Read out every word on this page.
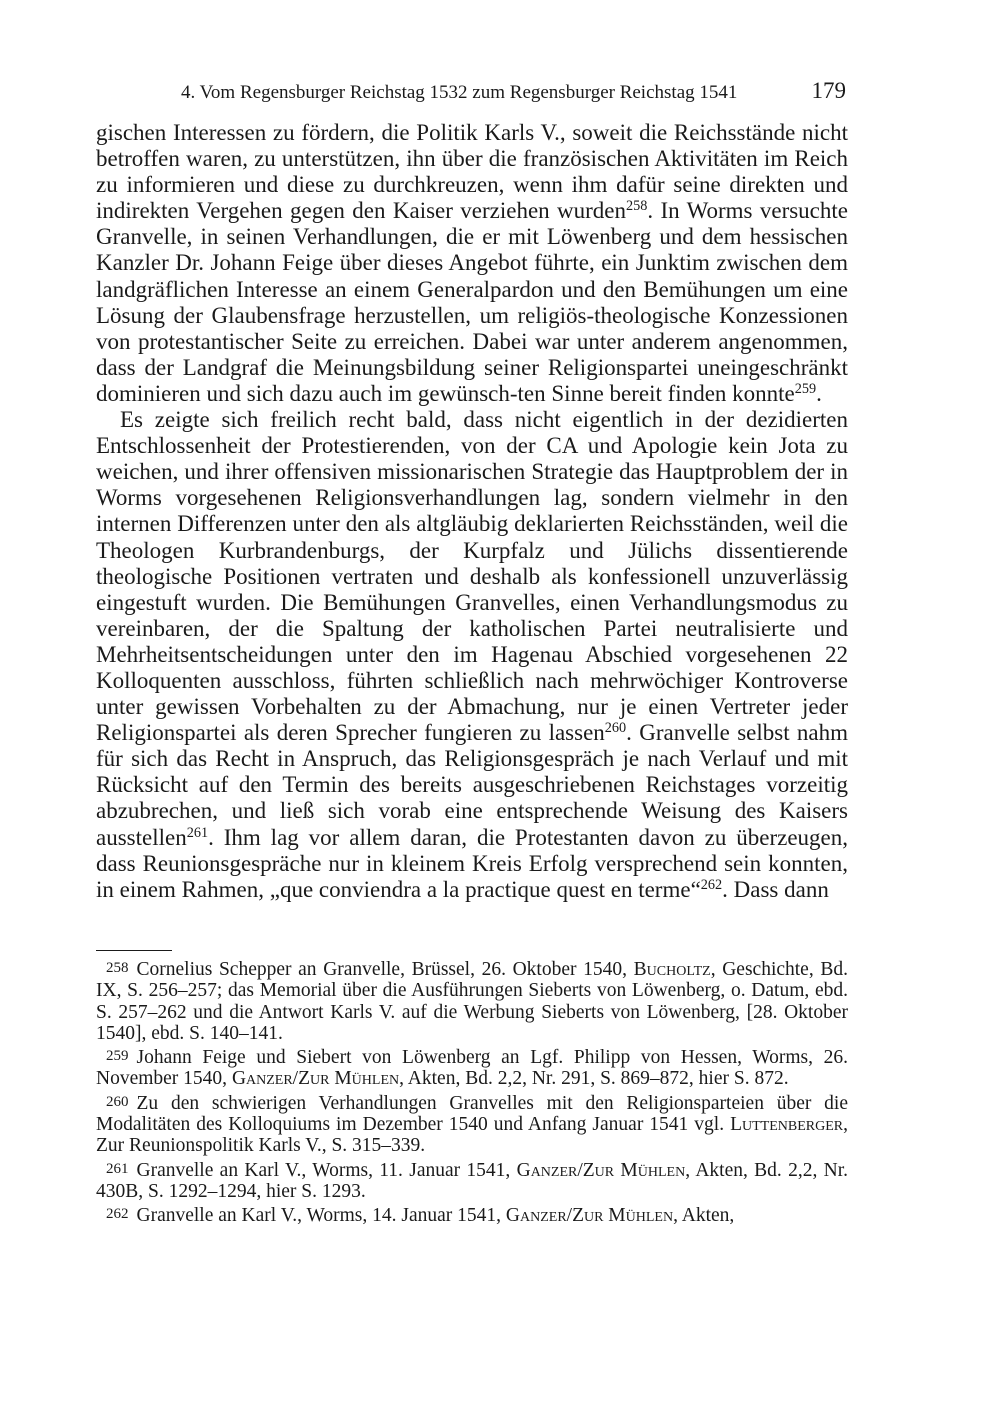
4. Vom Regensburger Reichstag 1532 zum Regensburger Reichstag 1541	179

gischen Interessen zu fördern, die Politik Karls V., soweit die Reichsstände nicht betroffen waren, zu unterstützen, ihn über die französischen Aktivitäten im Reich zu informieren und diese zu durchkreuzen, wenn ihm dafür seine direkten und indirekten Vergehen gegen den Kaiser verziehen wurden$^{258}$. In Worms versuchte Granvelle, in seinen Verhandlungen, die er mit Löwenberg und dem hessischen Kanzler Dr. Johann Feige über dieses Angebot führte, ein Junktim zwischen dem landgräflichen Interesse an einem Generalpardon und den Bemühungen um eine Lösung der Glaubensfrage herzustellen, um religiös-theologische Konzessionen von protestantischer Seite zu erreichen. Dabei war unter anderem angenommen, dass der Landgraf die Meinungsbildung seiner Religionspartei uneingeschränkt dominieren und sich dazu auch im gewünsch-ten Sinne bereit finden konnte$^{259}$.

Es zeigte sich freilich recht bald, dass nicht eigentlich in der dezidierten Entschlossenheit der Protestierenden, von der CA und Apologie kein Jota zu weichen, und ihrer offensiven missionarischen Strategie das Hauptproblem der in Worms vorgesehenen Religionsverhandlungen lag, sondern vielmehr in den internen Differenzen unter den als altgläubig deklarierten Reichsständen, weil die Theologen Kurbrandenburgs, der Kurpfalz und Jülichs dissentierende theologische Positionen vertraten und deshalb als konfessionell unzuverlässig eingestuft wurden. Die Bemühungen Granvelles, einen Verhandlungsmodus zu vereinbaren, der die Spaltung der katholischen Partei neutralisierte und Mehrheitsentscheidungen unter den im Hagenau Abschied vorgesehenen 22 Kolloquenten ausschloss, führten schließlich nach mehrwöchiger Kontroverse unter gewissen Vorbehalten zu der Abmachung, nur je einen Vertreter jeder Religionspartei als deren Sprecher fungieren zu lassen$^{260}$. Granvelle selbst nahm für sich das Recht in Anspruch, das Religionsgespräch je nach Verlauf und mit Rücksicht auf den Termin des bereits ausgeschriebenen Reichstages vorzeitig abzubrechen, und ließ sich vorab eine entsprechende Weisung des Kaisers ausstellen$^{261}$. Ihm lag vor allem daran, die Protestanten davon zu überzeugen, dass Reunionsgespräche nur in kleinem Kreis Erfolg versprechend sein konnten, in einem Rahmen, „que conviendra a la practique quest en terme“$^{262}$. Dass dann

258 Cornelius Schepper an Granvelle, Brüssel, 26. Oktober 1540, Bucholtz, Geschichte, Bd. IX, S. 256–257; das Memorial über die Ausführungen Sieberts von Löwenberg, o. Datum, ebd. S. 257–262 und die Antwort Karls V. auf die Werbung Sieberts von Löwenberg, [28. Oktober 1540], ebd. S. 140–141.

259 Johann Feige und Siebert von Löwenberg an Lgf. Philipp von Hessen, Worms, 26. November 1540, Ganzer/Zur Mühlen, Akten, Bd. 2,2, Nr. 291, S. 869–872, hier S. 872.

260 Zu den schwierigen Verhandlungen Granvelles mit den Religionsparteien über die Modalitäten des Kolloquiums im Dezember 1540 und Anfang Januar 1541 vgl. Luttenberger, Zur Reunionspolitik Karls V., S. 315–339.

261 Granvelle an Karl V., Worms, 11. Januar 1541, Ganzer/Zur Mühlen, Akten, Bd. 2,2, Nr. 430B, S. 1292–1294, hier S. 1293.

262 Granvelle an Karl V., Worms, 14. Januar 1541, Ganzer/Zur Mühlen, Akten,
